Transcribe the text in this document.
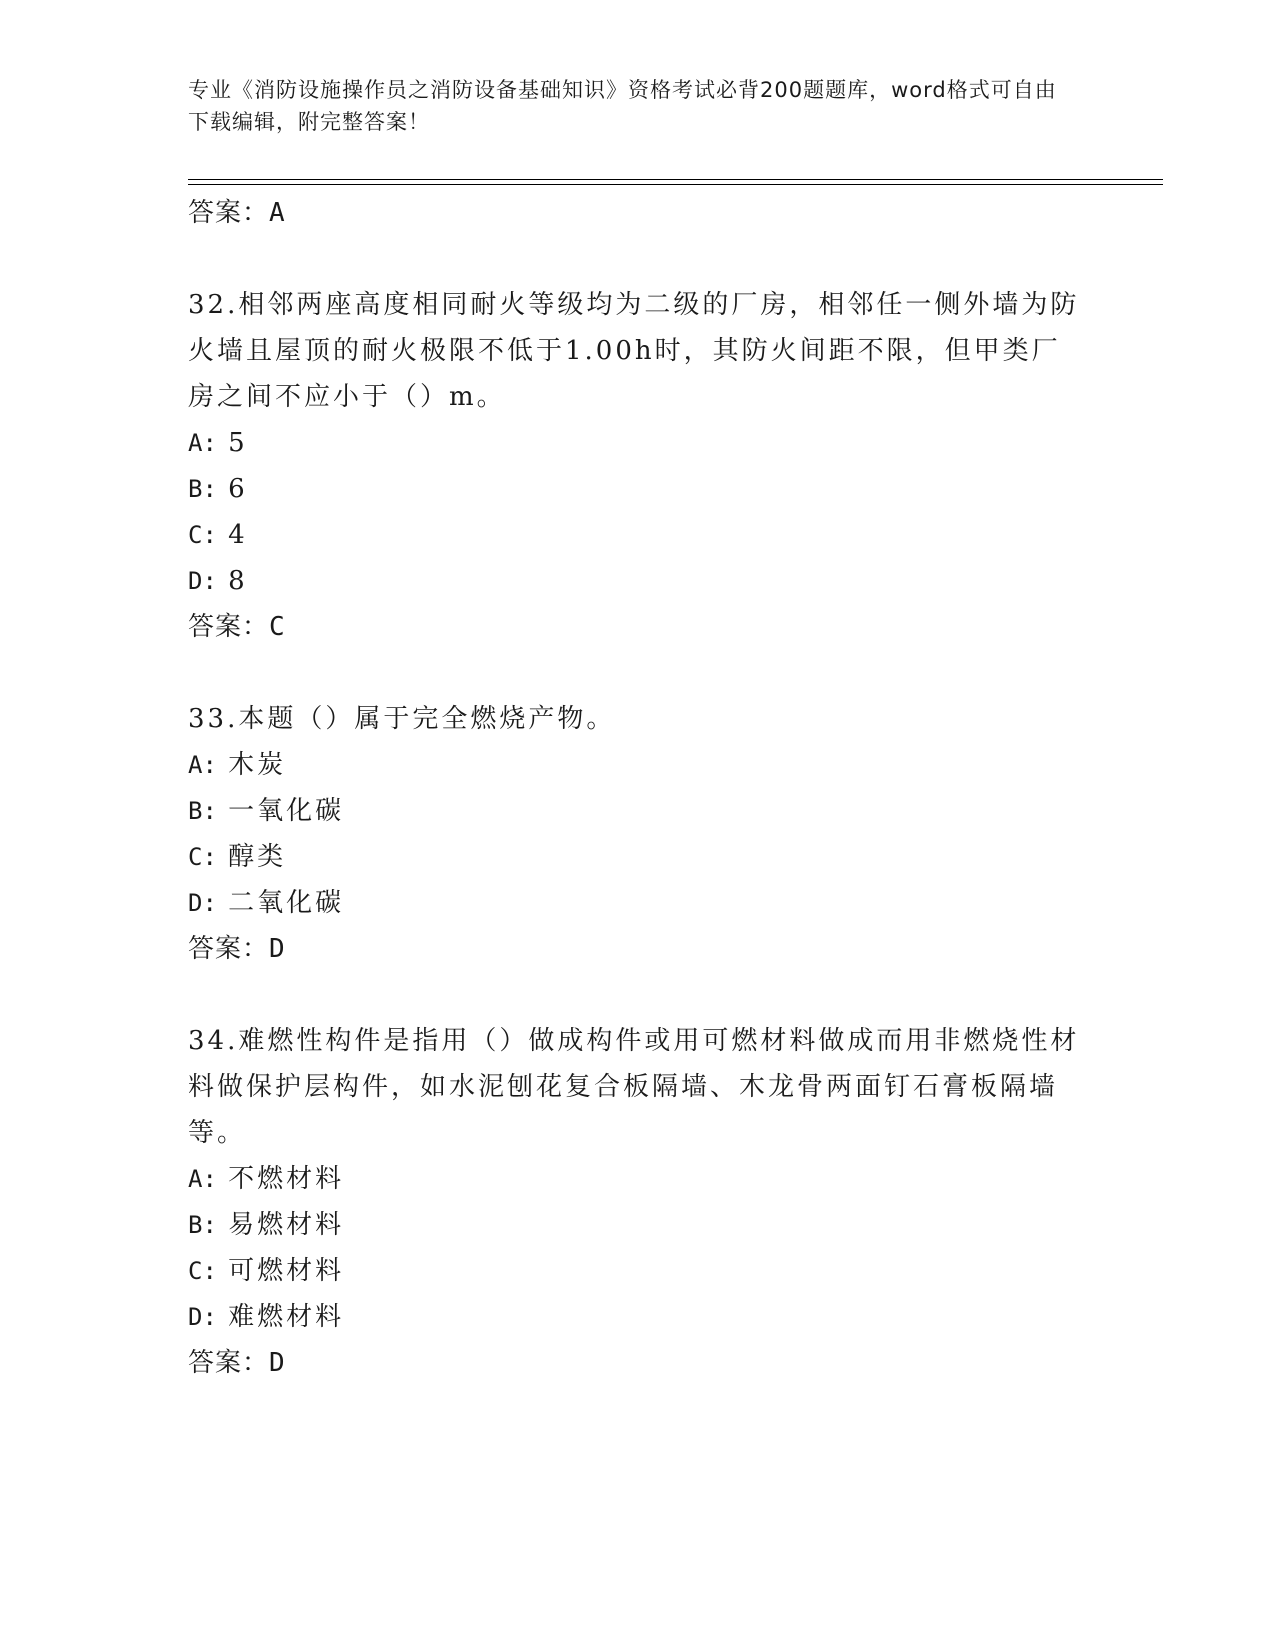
专业《消防设施操作员之消防设备基础知识》资格考试必背200题题库，word格式可自由下载编辑，附完整答案！
答案：A
32.相邻两座高度相同耐火等级均为二级的厂房，相邻任一侧外墙为防火墙且屋顶的耐火极限不低于1.00h时，其防火间距不限，但甲类厂房之间不应小于（）m。
A: 5
B: 6
C: 4
D: 8
答案：C
33.本题（）属于完全燃烧产物。
A: 木炭
B: 一氧化碳
C: 醇类
D: 二氧化碳
答案：D
34.难燃性构件是指用（）做成构件或用可燃材料做成而用非燃烧性材料做保护层构件，如水泥刨花复合板隔墙、木龙骨两面钉石膏板隔墙等。
A: 不燃材料
B: 易燃材料
C: 可燃材料
D: 难燃材料
答案：D
